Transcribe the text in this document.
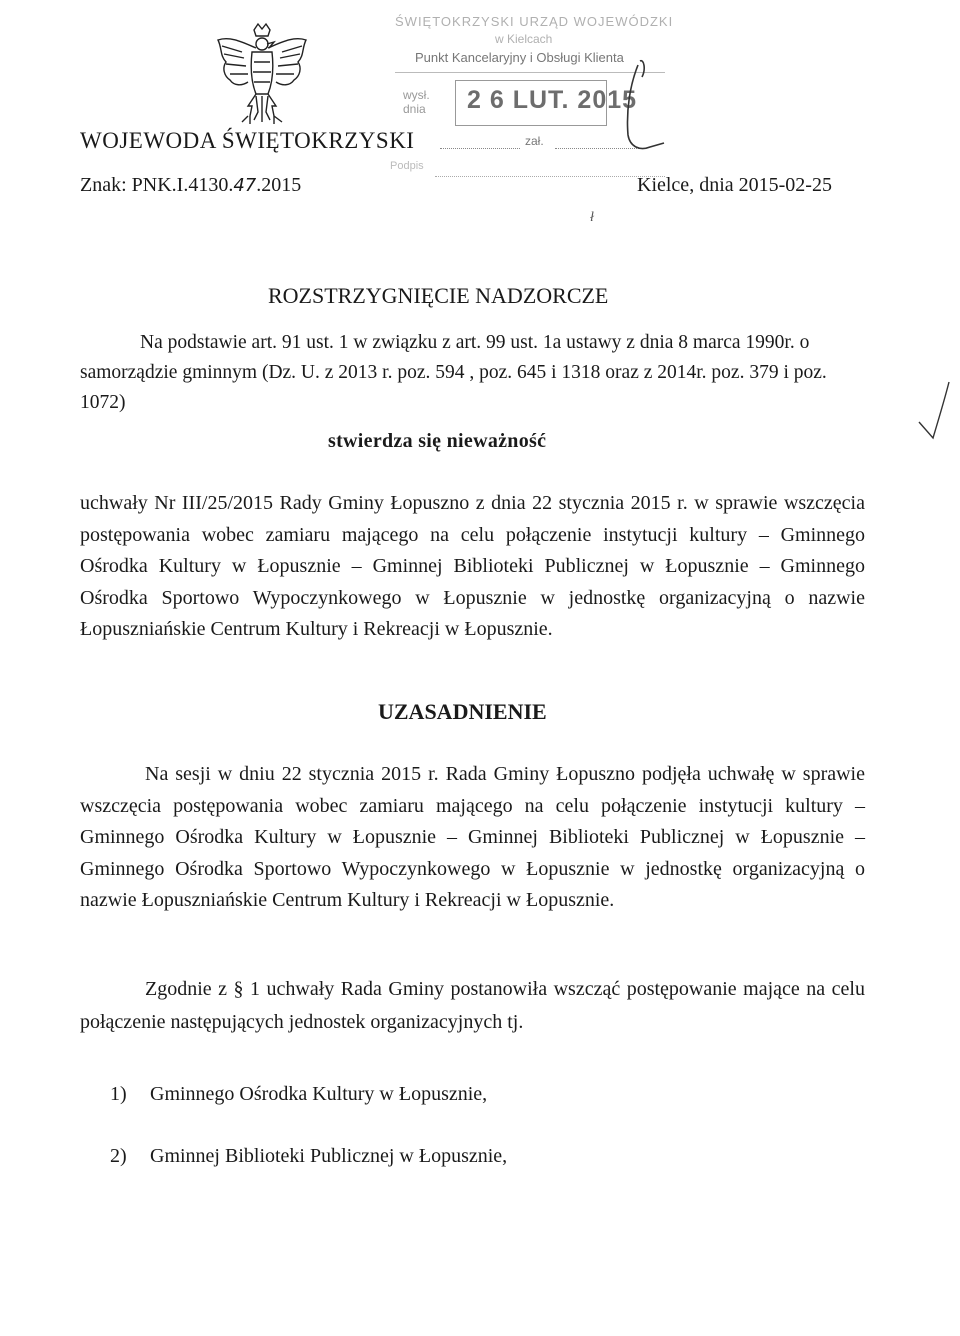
ŚWIĘTOKRZYSKI URZĄD WOJEWÓDZKI
w Kielcach
Punkt Kancelaryjny i Obsługi Klienta
wysł.
dnia 2 6 LUT. 2015
zał.
Podpis
WOJEWODA ŚWIĘTOKRZYSKI
Znak: PNK.I.4130.47.2015	Kielce, dnia 2015-02-25
ł
ROZSTRZYGNIĘCIE NADZORCZE
Na podstawie art. 91 ust. 1 w związku z art. 99 ust. 1a ustawy z dnia 8 marca 1990r. o samorządzie gminnym (Dz. U. z 2013 r. poz. 594 , poz. 645 i 1318 oraz z 2014r. poz. 379 i poz. 1072)
stwierdza się nieważność
uchwały Nr III/25/2015 Rady Gminy Łopuszno z dnia 22 stycznia 2015 r. w sprawie wszczęcia postępowania wobec zamiaru mającego na celu połączenie instytucji kultury – Gminnego Ośrodka Kultury w Łopusznie – Gminnej Biblioteki Publicznej w Łopusznie – Gminnego Ośrodka Sportowo Wypoczynkowego w Łopusznie w jednostkę organizacyjną o nazwie Łopuszniańskie Centrum Kultury i Rekreacji w Łopusznie.
UZASADNIENIE
Na sesji w dniu 22 stycznia 2015 r. Rada Gminy Łopuszno podjęła uchwałę w sprawie wszczęcia postępowania wobec zamiaru mającego na celu połączenie instytucji kultury – Gminnego Ośrodka Kultury w Łopusznie – Gminnej Biblioteki Publicznej w Łopusznie – Gminnego Ośrodka Sportowo Wypoczynkowego w Łopusznie w jednostkę organizacyjną o nazwie Łopuszniańskie Centrum Kultury i Rekreacji w Łopusznie.
Zgodnie z § 1 uchwały Rada Gminy postanowiła wszcząć postępowanie mające na celu połączenie następujących jednostek organizacyjnych tj.
1) Gminnego Ośrodka Kultury w Łopusznie,
2) Gminnej Biblioteki Publicznej w Łopusznie,
